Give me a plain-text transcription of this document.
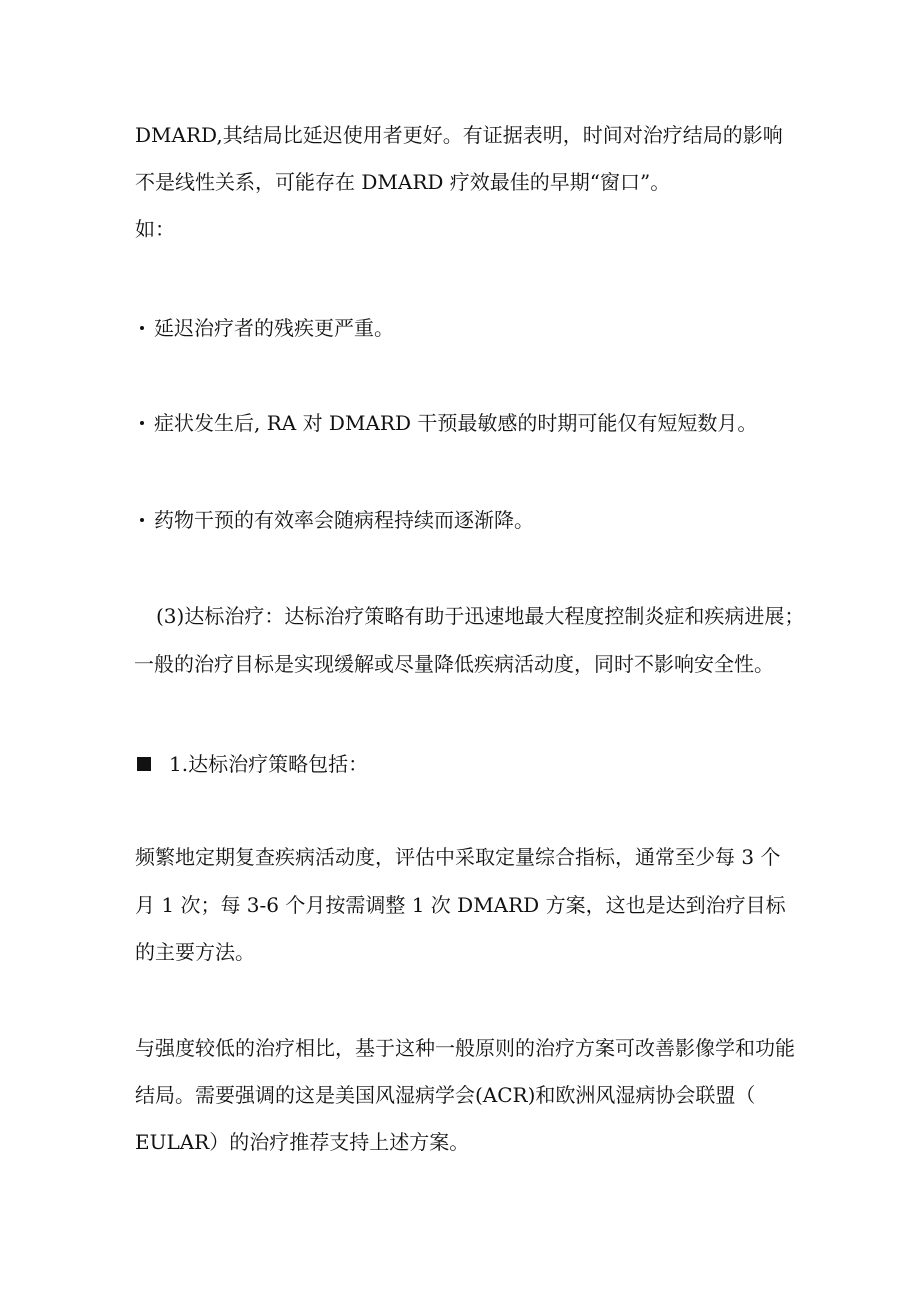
DMARD,其结局比延迟使用者更好。有证据表明，时间对治疗结局的影响
不是线性关系，可能存在 DMARD 疗效最佳的早期“窗口”。
如：
延迟治疗者的残疾更严重。
症状发生后, RA 对 DMARD 干预最敏感的时期可能仅有短短数月。
药物干预的有效率会随病程持续而逐渐降。
(3)达标治疗：达标治疗策略有助于迅速地最大程度控制炎症和疾病进展；
一般的治疗目标是实现缓解或尽量降低疾病活动度，同时不影响安全性。
1.达标治疗策略包括：
频繁地定期复查疾病活动度，评估中采取定量综合指标，通常至少每 3 个
月 1 次；每 3-6 个月按需调整 1 次 DMARD 方案，这也是达到治疗目标
的主要方法。
与强度较低的治疗相比，基于这种一般原则的治疗方案可改善影像学和功能
结局。需要强调的这是美国风湿病学会(ACR)和欧洲风湿病协会联盟（
EULAR）的治疗推荐支持上述方案。
